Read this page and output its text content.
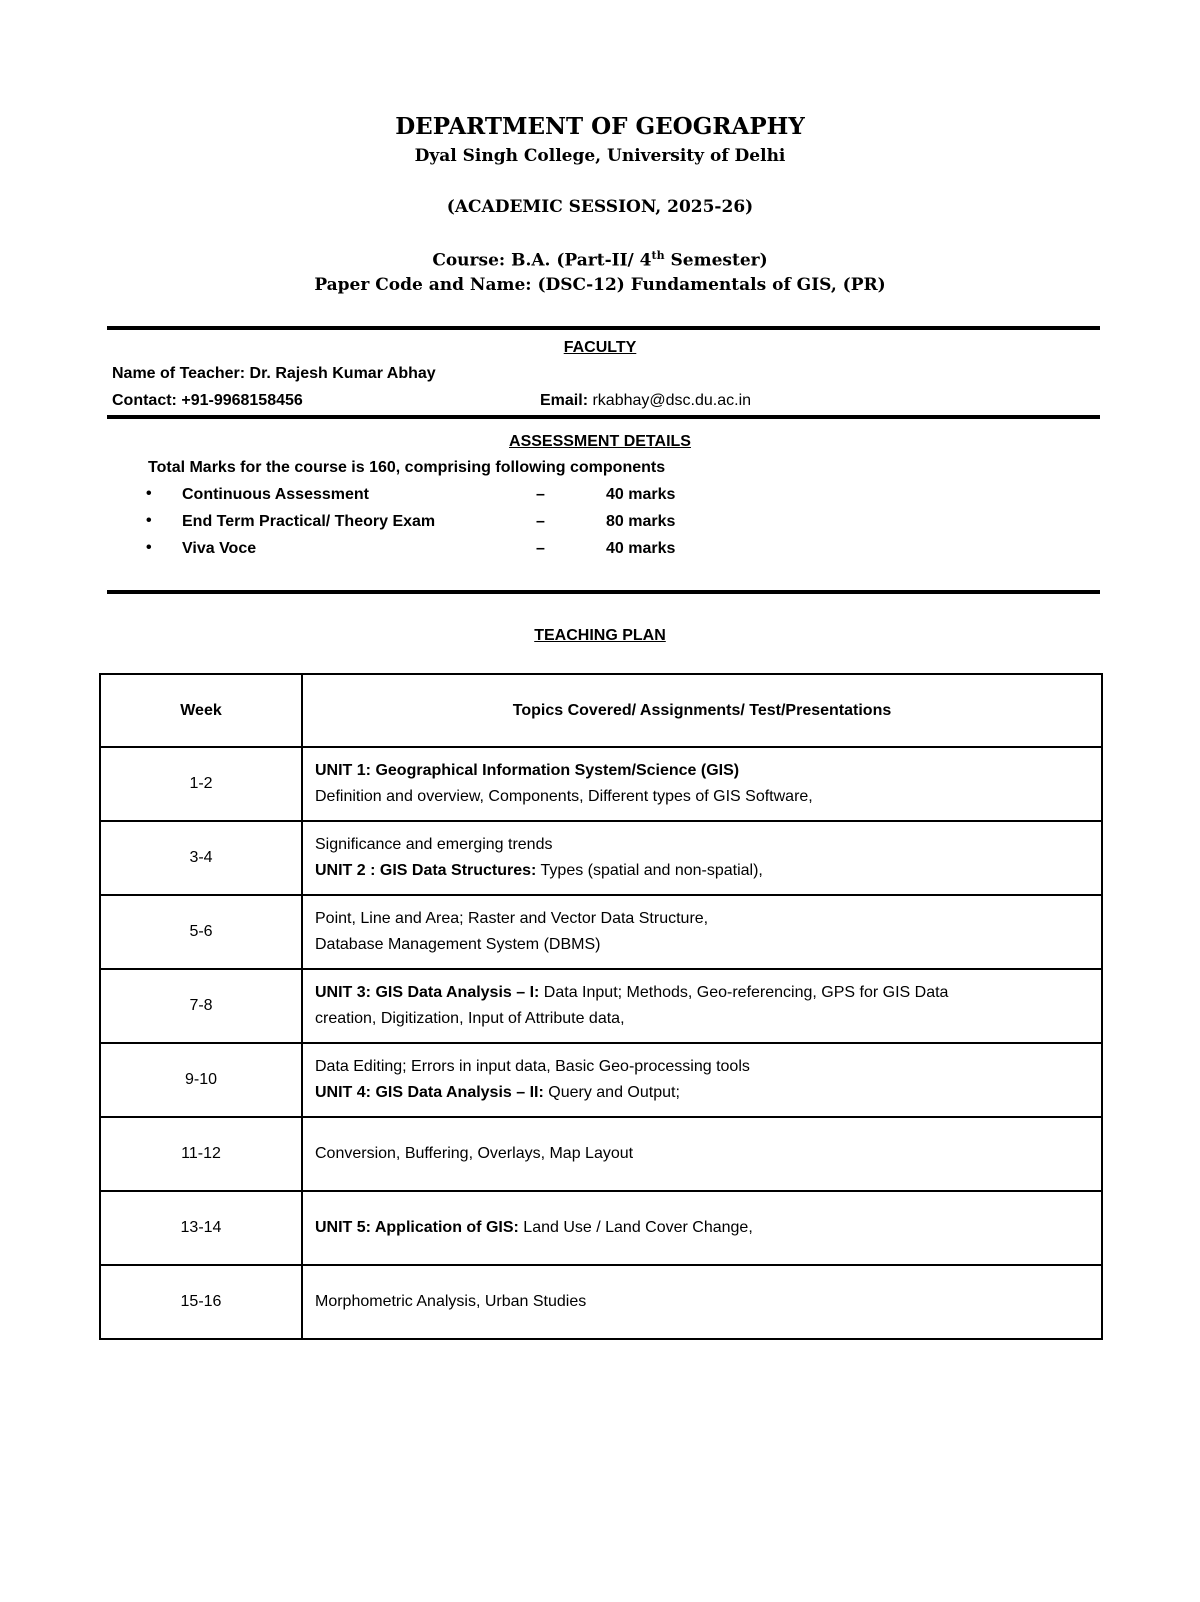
DEPARTMENT OF GEOGRAPHY
Dyal Singh College, University of Delhi
(ACADEMIC SESSION, 2025-26)
Course: B.A. (Part-II/ 4th Semester)
Paper Code and Name: (DSC-12) Fundamentals of GIS, (PR)
FACULTY
Name of Teacher: Dr. Rajesh Kumar Abhay
Contact: +91-9968158456	Email: rkabhay@dsc.du.ac.in
ASSESSMENT DETAILS
Total Marks for the course is 160, comprising following components
• Continuous Assessment	–	40 marks
• End Term Practical/ Theory Exam	–	80 marks
• Viva Voce	–	40 marks
TEACHING PLAN
Week	Topics Covered/ Assignments/ Test/Presentations
1-2	UNIT 1: Geographical Information System/Science (GIS)
Definition and overview, Components, Different types of GIS Software,

3-4	Significance and emerging trends
UNIT 2 : GIS Data Structures: Types (spatial and non-spatial),

5-6	Point, Line and Area; Raster and Vector Data Structure,
Database Management System (DBMS)

7-8	UNIT 3: GIS Data Analysis – I: Data Input; Methods, Geo-referencing, GPS for GIS Data
creation, Digitization, Input of Attribute data,

9-10	Data Editing; Errors in input data, Basic Geo-processing tools
UNIT 4: GIS Data Analysis – II: Query and Output;

11-12	Conversion, Buffering, Overlays, Map Layout

13-14	UNIT 5: Application of GIS: Land Use / Land Cover Change,

15-16	Morphometric Analysis, Urban Studies
